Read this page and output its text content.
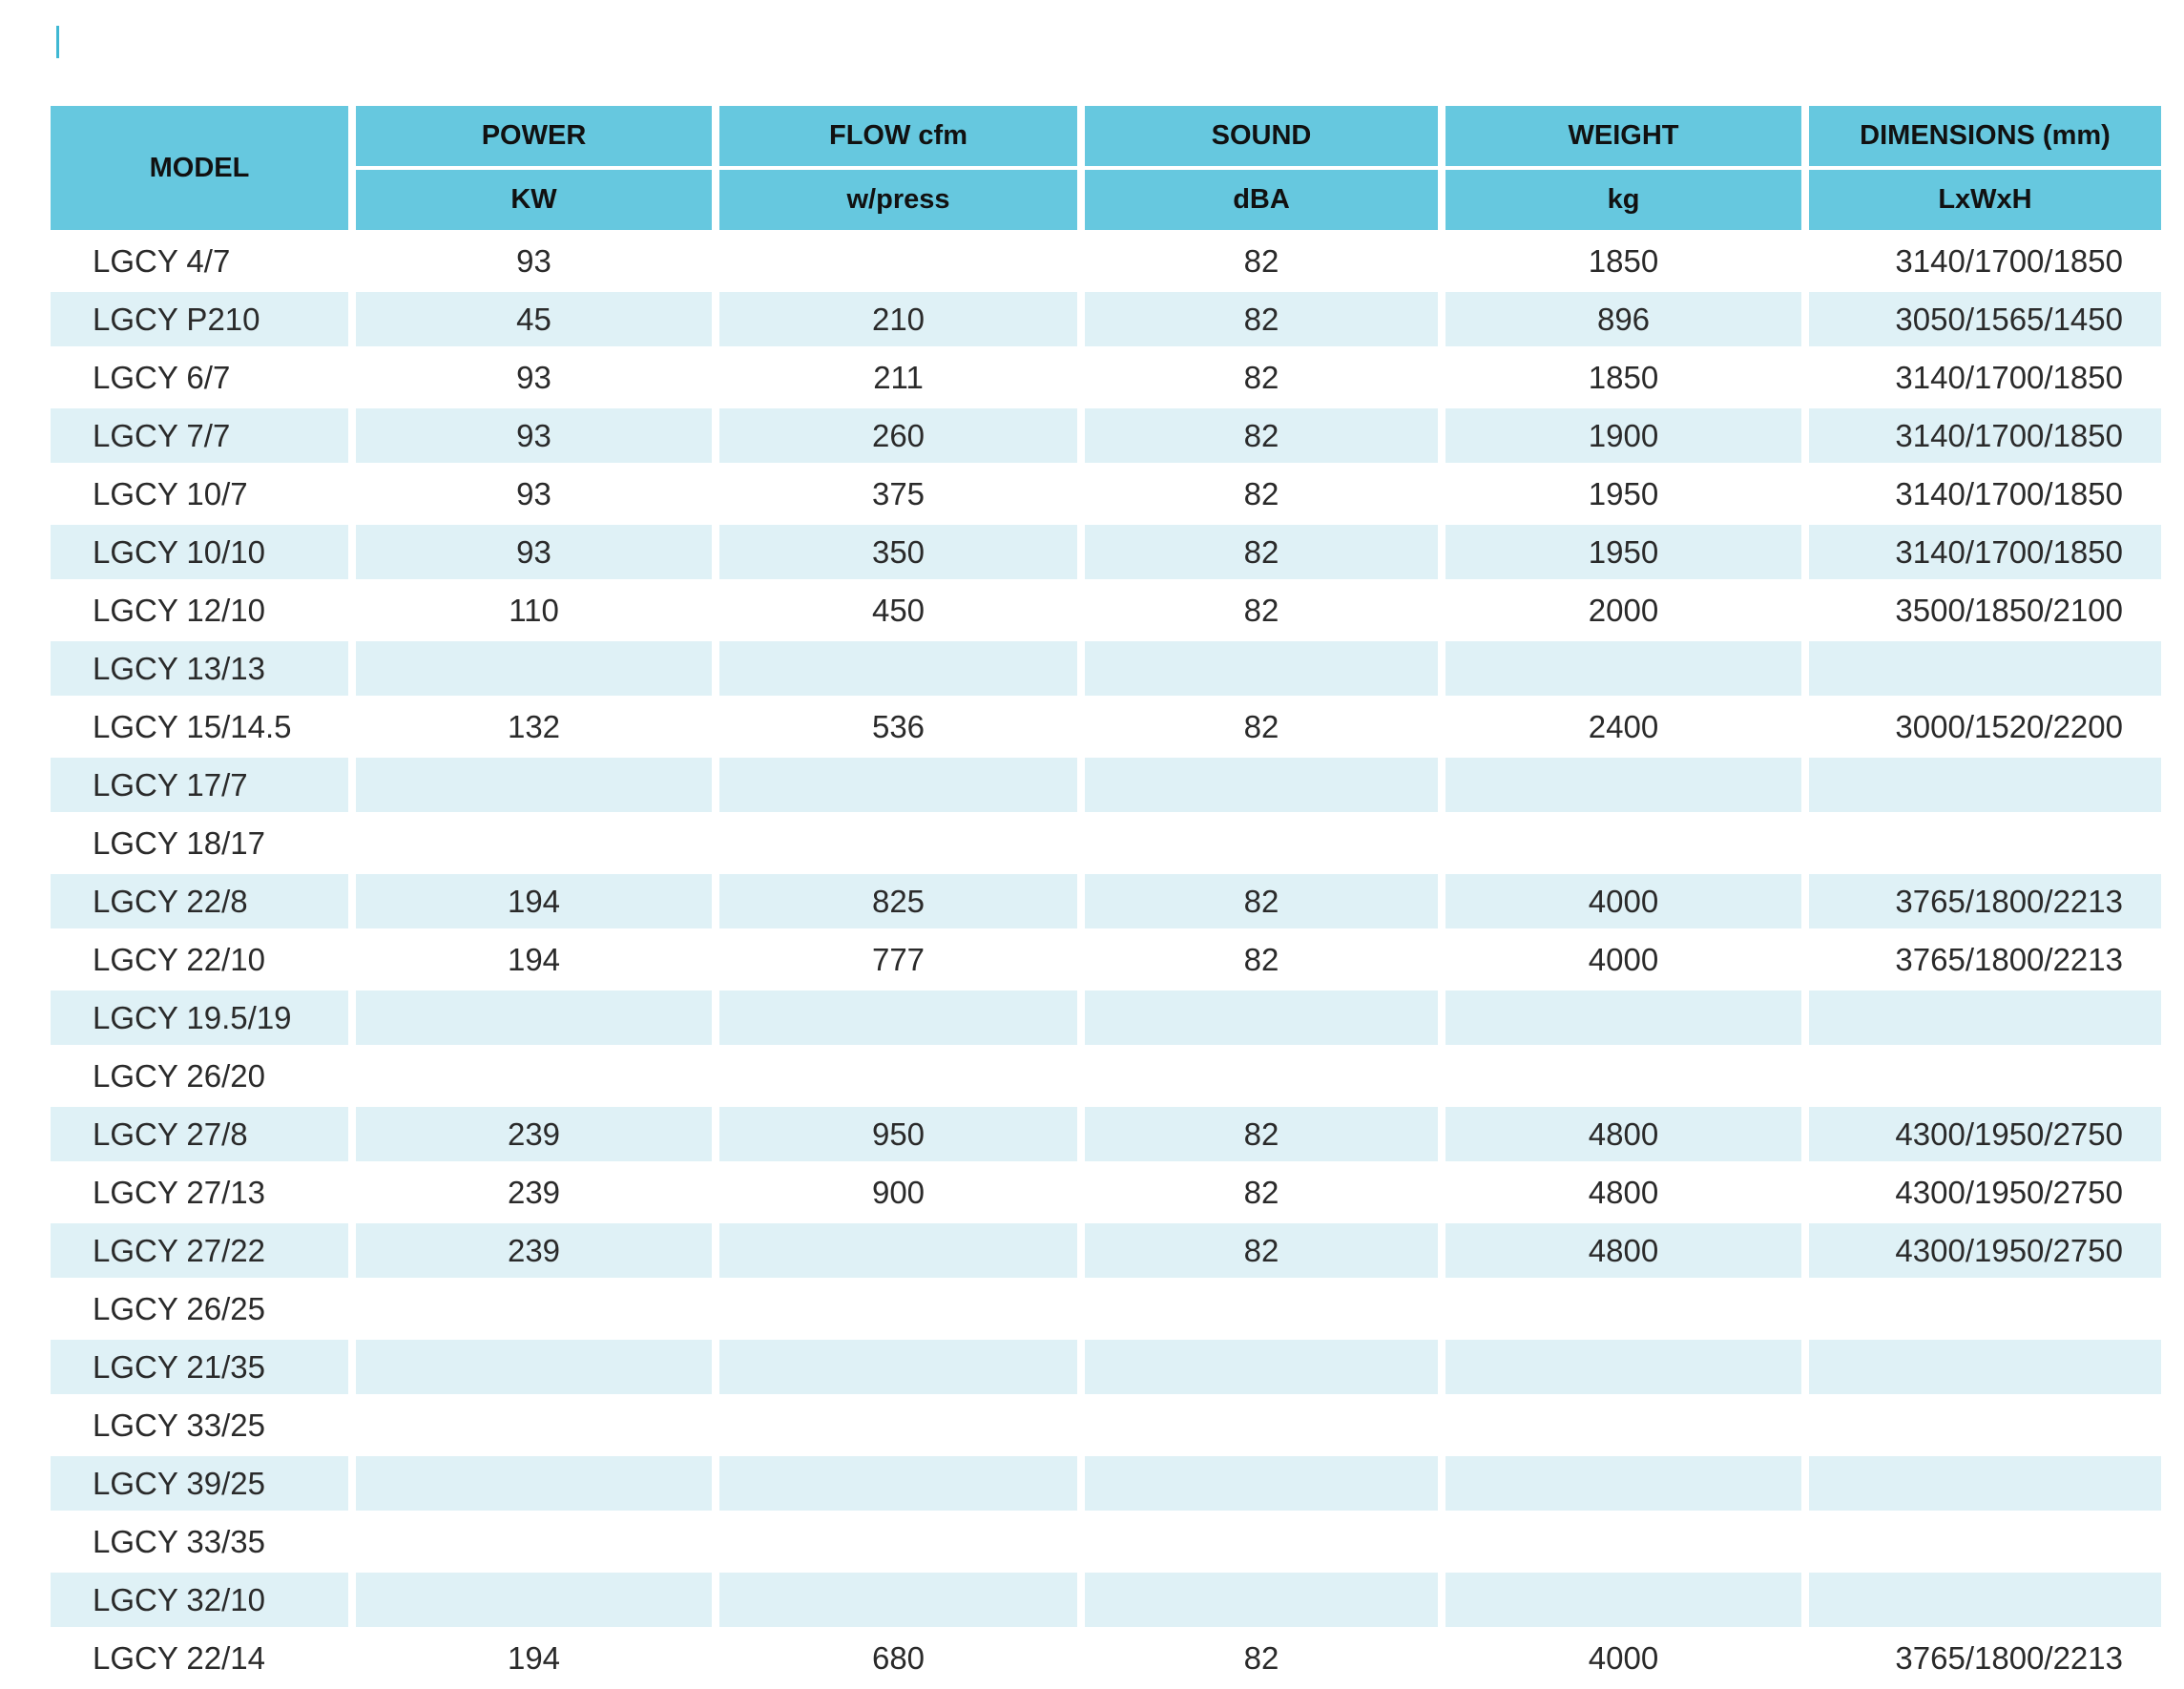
MODEL	POWER	FLOW cfm	SOUND	WEIGHT	DIMENSIONS (mm)
	KW	w/press	dBA	kg	LxWxH
LGCY 4/7	93		82	1850	3140/1700/1850
LGCY P210	45	210	82	896	3050/1565/1450
LGCY 6/7	93	211	82	1850	3140/1700/1850
LGCY 7/7	93	260	82	1900	3140/1700/1850
LGCY 10/7	93	375	82	1950	3140/1700/1850
LGCY 10/10	93	350	82	1950	3140/1700/1850
LGCY 12/10	110	450	82	2000	3500/1850/2100
LGCY 13/13					
LGCY 15/14.5	132	536	82	2400	3000/1520/2200
LGCY 17/7					
LGCY 18/17					
LGCY 22/8	194	825	82	4000	3765/1800/2213
LGCY 22/10	194	777	82	4000	3765/1800/2213
LGCY 19.5/19					
LGCY 26/20					
LGCY 27/8	239	950	82	4800	4300/1950/2750
LGCY 27/13	239	900	82	4800	4300/1950/2750
LGCY 27/22	239		82	4800	4300/1950/2750
LGCY 26/25					
LGCY 21/35					
LGCY 33/25					
LGCY 39/25					
LGCY 33/35					
LGCY 32/10					
LGCY 22/14	194	680	82	4000	3765/1800/2213
